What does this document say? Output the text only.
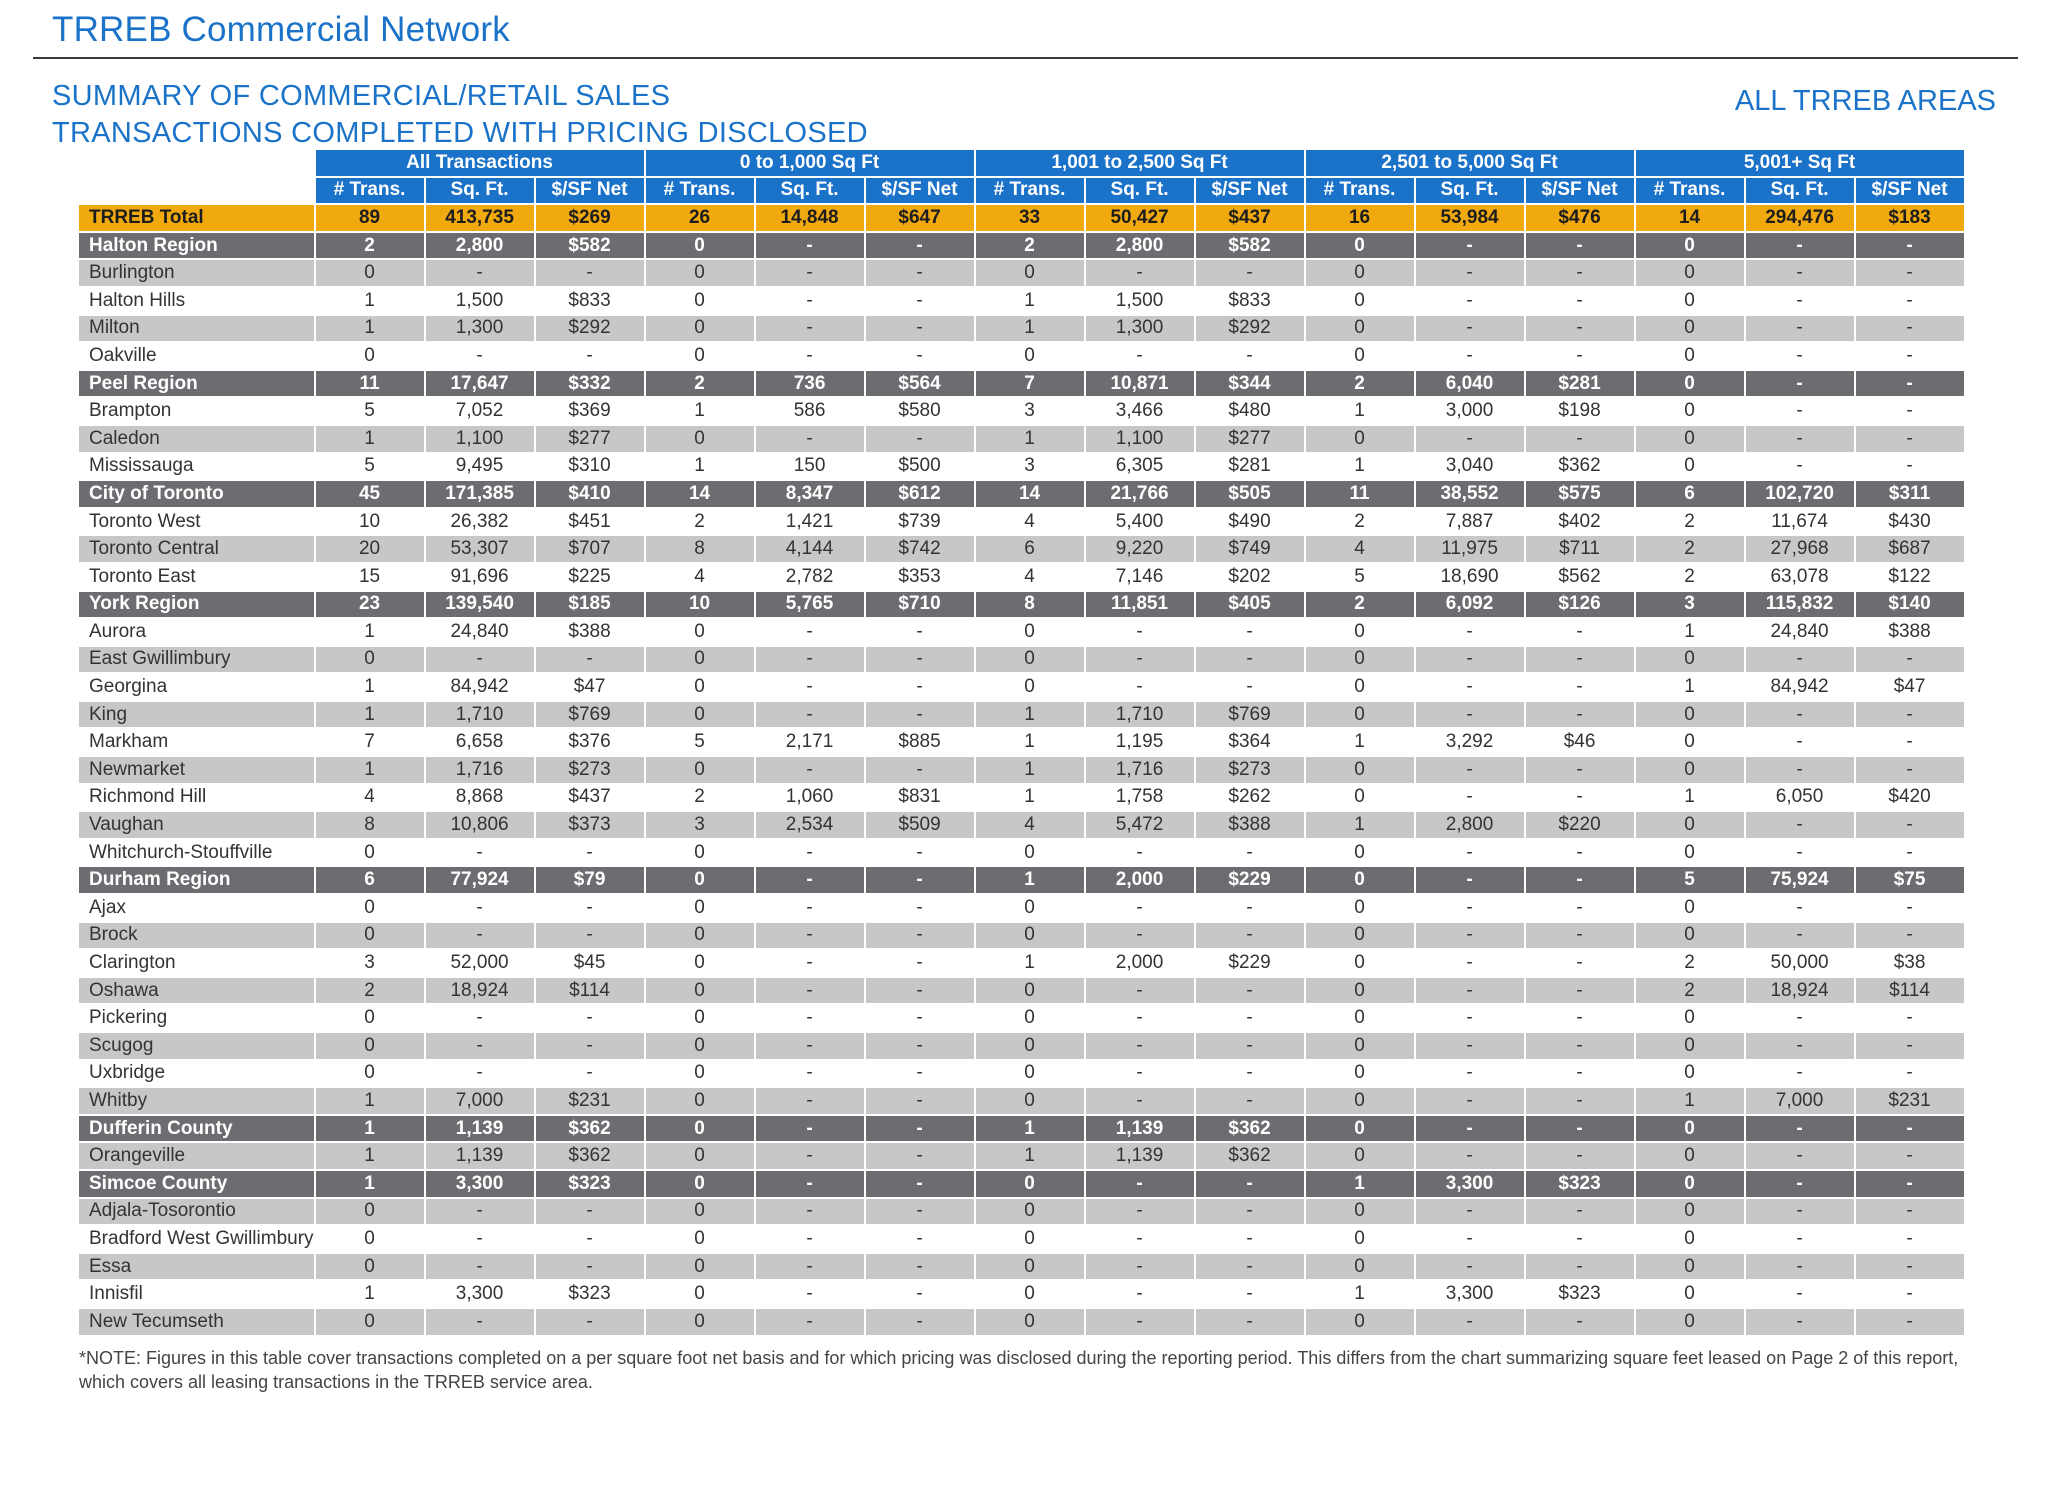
TRREB Commercial Network
SUMMARY OF COMMERCIAL/RETAIL SALES
TRANSACTIONS COMPLETED WITH PRICING DISCLOSED
ALL TRREB AREAS
	All Transactions			0 to 1,000 Sq Ft			1,001 to 2,500 Sq Ft			2,501 to 5,000 Sq Ft			5,001+ Sq Ft		
	# Trans.	Sq. Ft.	$/SF Net	# Trans.	Sq. Ft.	$/SF Net	# Trans.	Sq. Ft.	$/SF Net	# Trans.	Sq. Ft.	$/SF Net	# Trans.	Sq. Ft.	$/SF Net
TRREB Total	89	413,735	$269	26	14,848	$647	33	50,427	$437	16	53,984	$476	14	294,476	$183
Halton Region	2	2,800	$582	0	-	-	2	2,800	$582	0	-	-	0	-	-
Burlington	0	-	-	0	-	-	0	-	-	0	-	-	0	-	-
Halton Hills	1	1,500	$833	0	-	-	1	1,500	$833	0	-	-	0	-	-
Milton	1	1,300	$292	0	-	-	1	1,300	$292	0	-	-	0	-	-
Oakville	0	-	-	0	-	-	0	-	-	0	-	-	0	-	-
Peel Region	11	17,647	$332	2	736	$564	7	10,871	$344	2	6,040	$281	0	-	-
Brampton	5	7,052	$369	1	586	$580	3	3,466	$480	1	3,000	$198	0	-	-
Caledon	1	1,100	$277	0	-	-	1	1,100	$277	0	-	-	0	-	-
Mississauga	5	9,495	$310	1	150	$500	3	6,305	$281	1	3,040	$362	0	-	-
City of Toronto	45	171,385	$410	14	8,347	$612	14	21,766	$505	11	38,552	$575	6	102,720	$311
Toronto West	10	26,382	$451	2	1,421	$739	4	5,400	$490	2	7,887	$402	2	11,674	$430
Toronto Central	20	53,307	$707	8	4,144	$742	6	9,220	$749	4	11,975	$711	2	27,968	$687
Toronto East	15	91,696	$225	4	2,782	$353	4	7,146	$202	5	18,690	$562	2	63,078	$122
York Region	23	139,540	$185	10	5,765	$710	8	11,851	$405	2	6,092	$126	3	115,832	$140
Aurora	1	24,840	$388	0	-	-	0	-	-	0	-	-	1	24,840	$388
East Gwillimbury	0	-	-	0	-	-	0	-	-	0	-	-	0	-	-
Georgina	1	84,942	$47	0	-	-	0	-	-	0	-	-	1	84,942	$47
King	1	1,710	$769	0	-	-	1	1,710	$769	0	-	-	0	-	-
Markham	7	6,658	$376	5	2,171	$885	1	1,195	$364	1	3,292	$46	0	-	-
Newmarket	1	1,716	$273	0	-	-	1	1,716	$273	0	-	-	0	-	-
Richmond Hill	4	8,868	$437	2	1,060	$831	1	1,758	$262	0	-	-	1	6,050	$420
Vaughan	8	10,806	$373	3	2,534	$509	4	5,472	$388	1	2,800	$220	0	-	-
Whitchurch-Stouffville	0	-	-	0	-	-	0	-	-	0	-	-	0	-	-
Durham Region	6	77,924	$79	0	-	-	1	2,000	$229	0	-	-	5	75,924	$75
Ajax	0	-	-	0	-	-	0	-	-	0	-	-	0	-	-
Brock	0	-	-	0	-	-	0	-	-	0	-	-	0	-	-
Clarington	3	52,000	$45	0	-	-	1	2,000	$229	0	-	-	2	50,000	$38
Oshawa	2	18,924	$114	0	-	-	0	-	-	0	-	-	2	18,924	$114
Pickering	0	-	-	0	-	-	0	-	-	0	-	-	0	-	-
Scugog	0	-	-	0	-	-	0	-	-	0	-	-	0	-	-
Uxbridge	0	-	-	0	-	-	0	-	-	0	-	-	0	-	-
Whitby	1	7,000	$231	0	-	-	0	-	-	0	-	-	1	7,000	$231
Dufferin County	1	1,139	$362	0	-	-	1	1,139	$362	0	-	-	0	-	-
Orangeville	1	1,139	$362	0	-	-	1	1,139	$362	0	-	-	0	-	-
Simcoe County	1	3,300	$323	0	-	-	0	-	-	1	3,300	$323	0	-	-
Adjala-Tosorontio	0	-	-	0	-	-	0	-	-	0	-	-	0	-	-
Bradford West Gwillimbury	0	-	-	0	-	-	0	-	-	0	-	-	0	-	-
Essa	0	-	-	0	-	-	0	-	-	0	-	-	0	-	-
Innisfil	1	3,300	$323	0	-	-	0	-	-	1	3,300	$323	0	-	-
New Tecumseth	0	-	-	0	-	-	0	-	-	0	-	-	0	-	-
*NOTE: Figures in this table cover transactions completed on a per square foot net basis and for which pricing was disclosed during the reporting period. This differs from the chart summarizing square feet leased on Page 2 of this report, which covers all leasing transactions in the TRREB service area.
